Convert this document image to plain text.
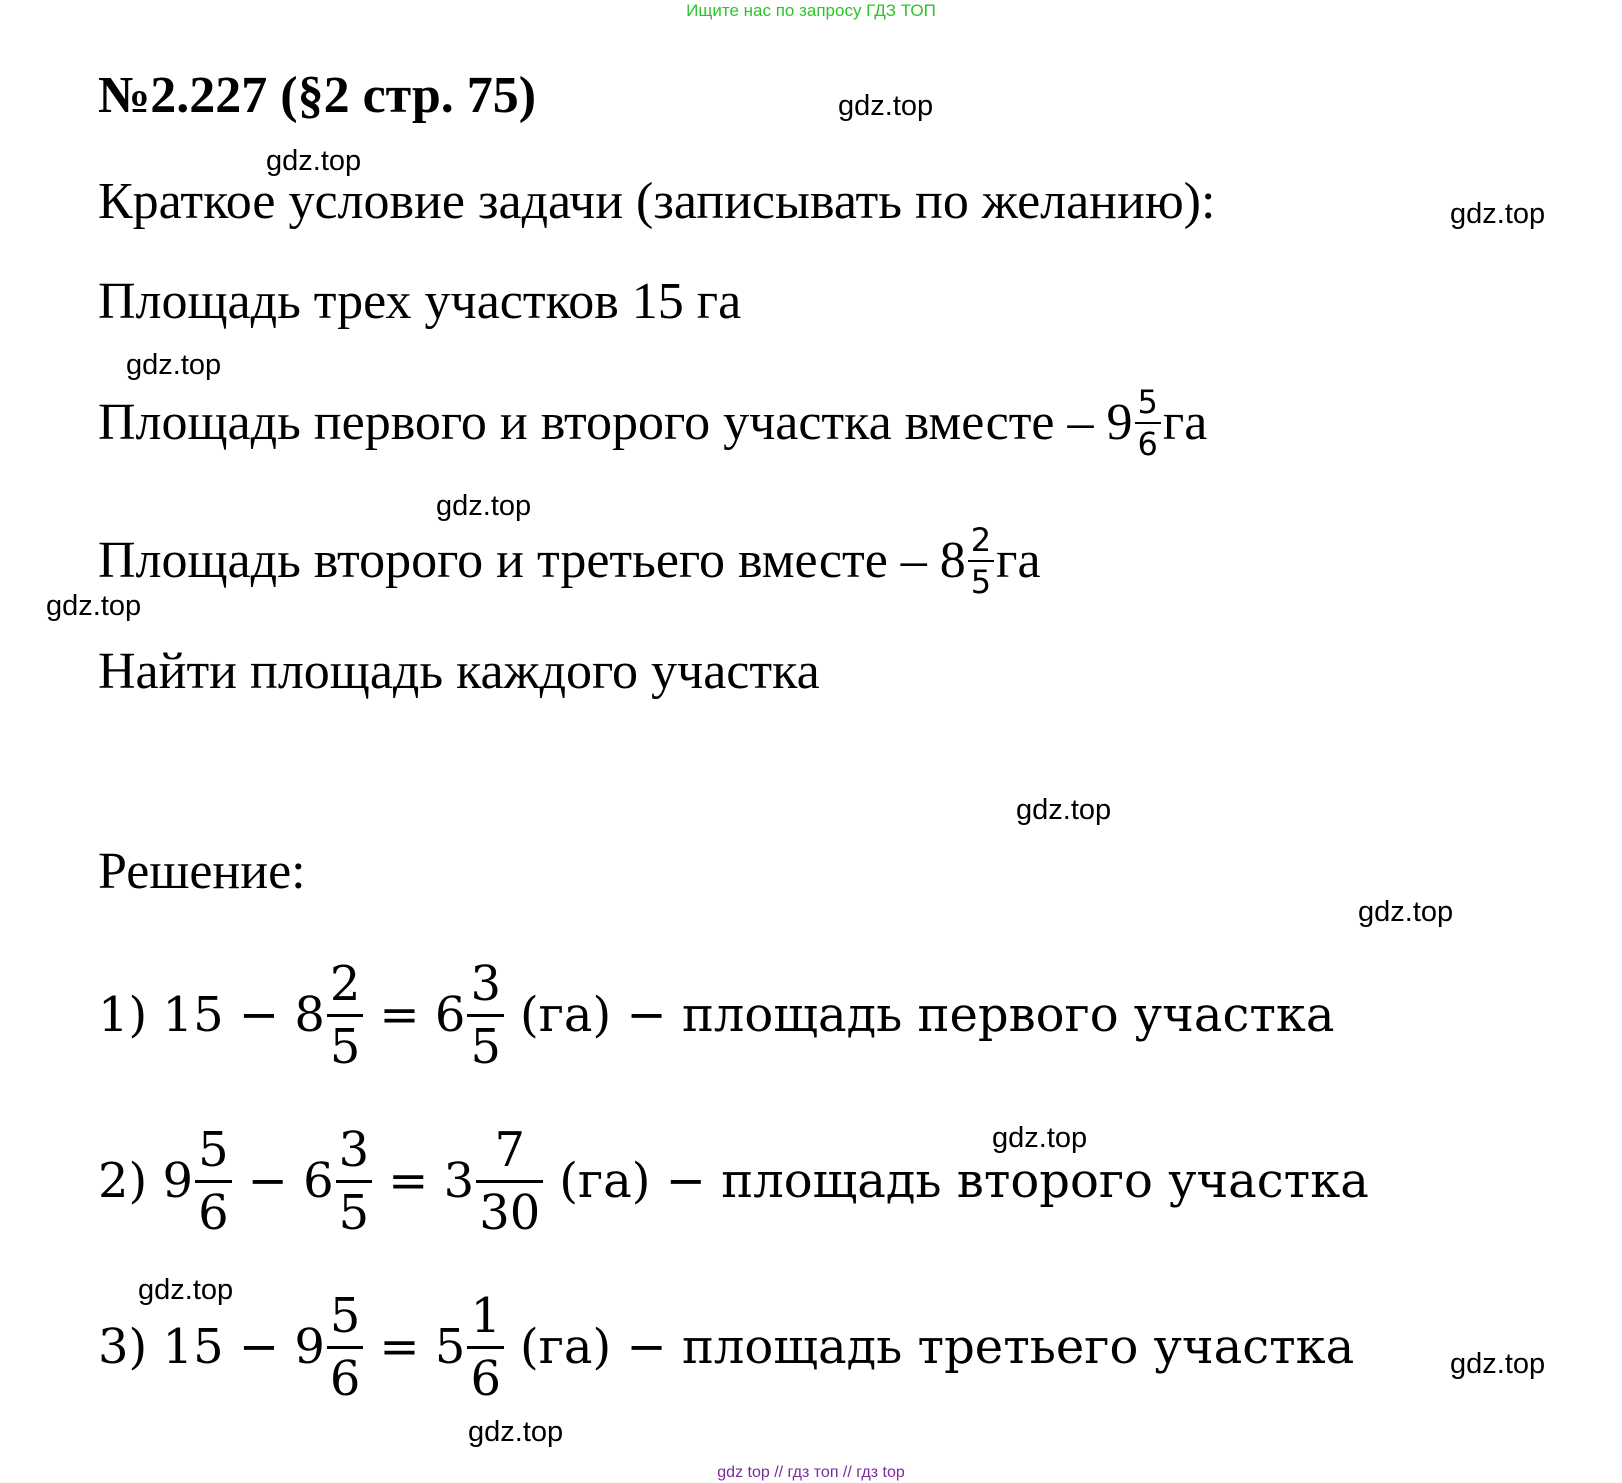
Ищите нас по запросу ГДЗ ТОП
№2.227 (§2 стр. 75)	gdz.top
gdz.top
gdz.top
gdz.top
gdz.top
gdz.top
gdz.top
gdz.top
gdz.top
gdz.top
gdz.top
gdz.top
Краткое условие задачи (записывать по желанию):
Площадь трех участков 15 га
Площадь первого и второго участка вместе – $9 \frac{5}{6}$ га
Площадь второго и третьего вместе – $8 \frac{2}{5}$ га
Найти площадь каждого участка
Решение:
1) $15 - 8 \frac{2}{5} = 6 \frac{3}{5} (га)$ − площадь первого участка
2) $9 \frac{5}{6} - 6 \frac{3}{5} = 3 \frac{7}{30} (га)$ − площадь второго участка
3) $15 - 9 \frac{5}{6} = 5 \frac{1}{6} (га)$ − площадь третьего участка
gdz top // гдз топ // гдз top
